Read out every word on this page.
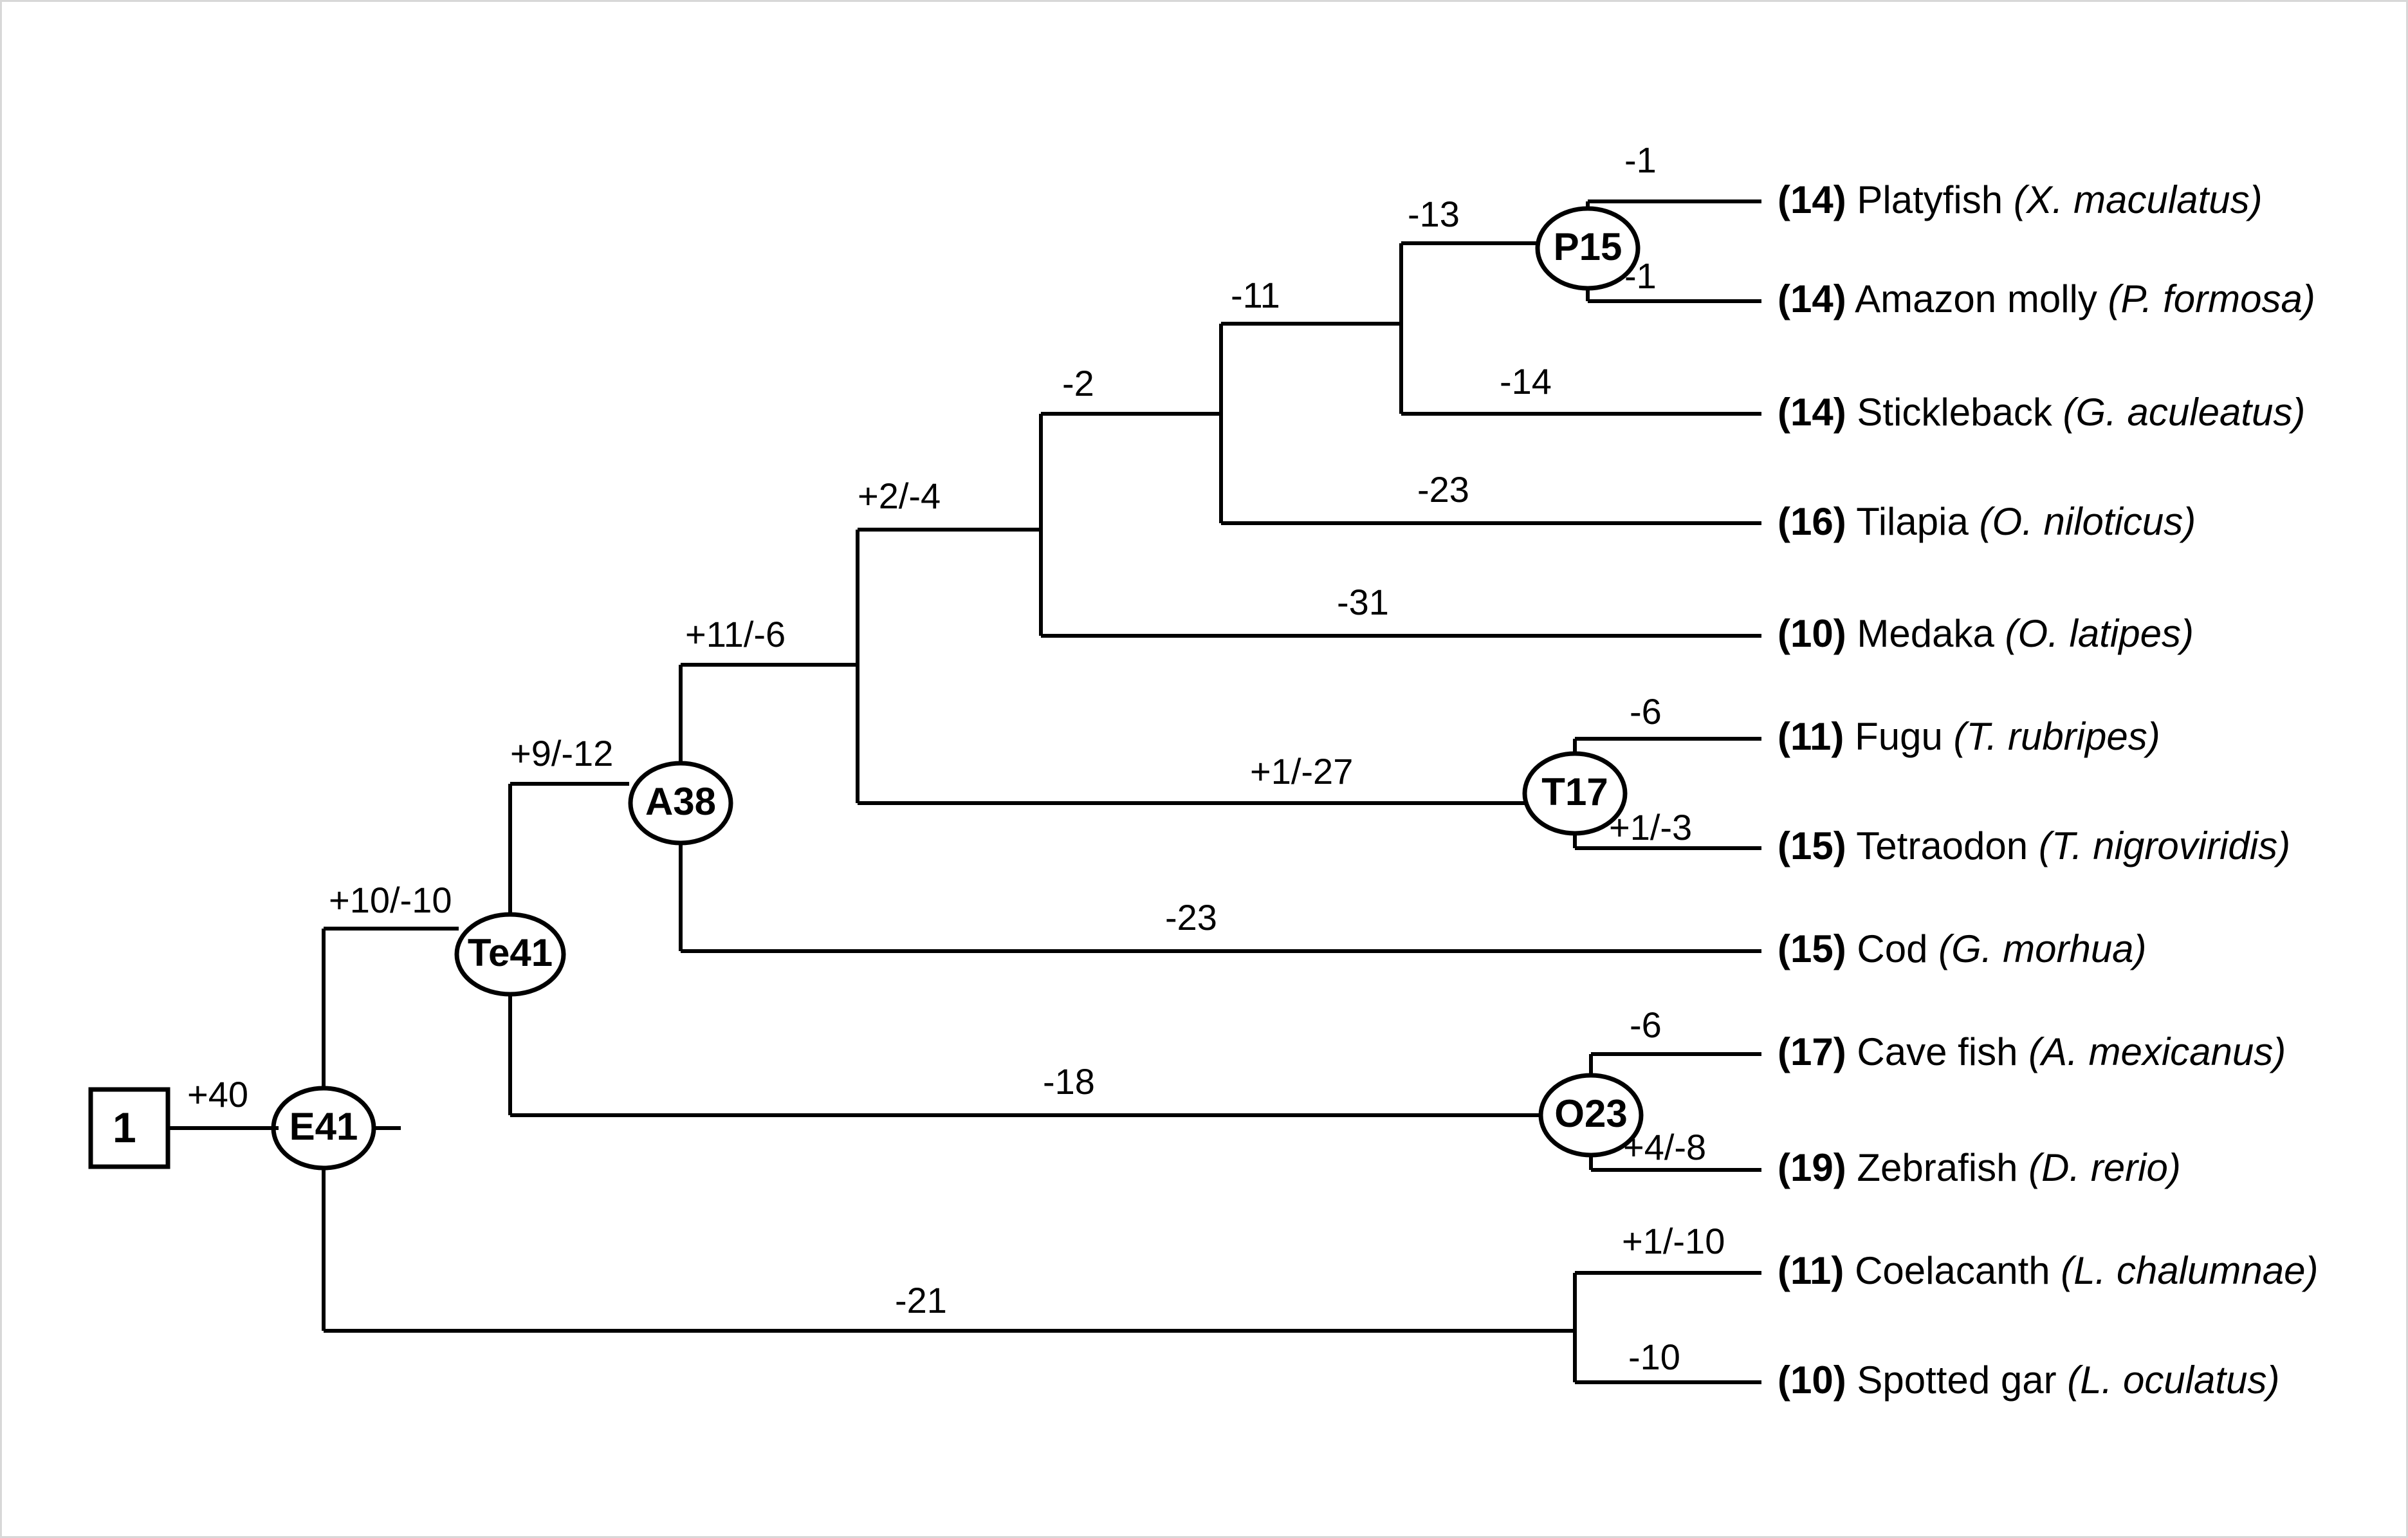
1	E41
Te41
A38	T17
P15
O23
+40
+10/-10
+9/-12
+11/-6
+2/-4
-2
-11
-13
-1
-1
-14
-23
-31
+1/-27
-6
+1/-3
-23
-18
-6
+4/-8
-21
+1/-10
-10
(14) Platyfish (X. maculatus)
(14) Amazon molly (P. formosa)
(14) Stickleback (G. aculeatus)
(16) Tilapia (O. niloticus)
(10) Medaka (O. latipes)
(11) Fugu (T. rubripes)
(15) Tetraodon (T. nigroviridis)
(15) Cod (G. morhua)
(17) Cave fish (A. mexicanus)
(19) Zebrafish (D. rerio)
(11) Coelacanth (L. chalumnae)
(10) Spotted gar (L. oculatus)
